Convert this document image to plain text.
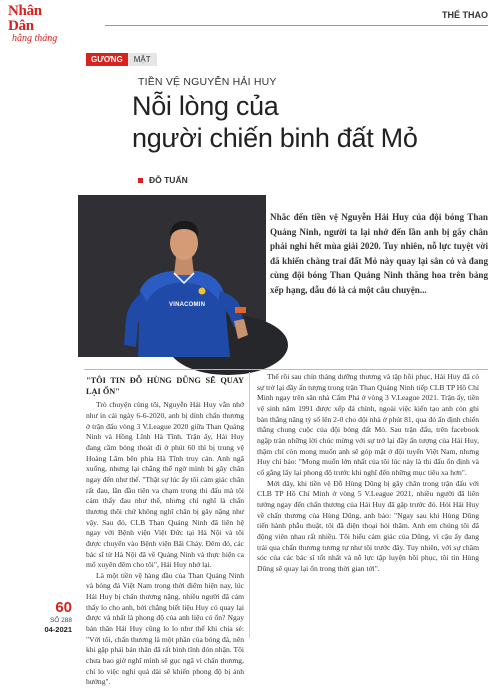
Nhân Dân
hằng tháng
THỂ THAO
GƯƠNG	MẶT
TIỀN VỆ NGUYỄN HẢI HUY
Nỗi lòng của
người chiến binh đất Mỏ
ĐỖ TUẤN
VINACOMIN
Nhắc đến tiền vệ Nguyễn Hải Huy của đội bóng Than Quảng Ninh, người ta lại nhớ đến lần anh bị gãy chân phải nghỉ hết mùa giải 2020. Tuy nhiên, nỗ lực tuyệt vời đã khiến chàng trai đất Mỏ này quay lại sân cỏ và đang cùng đội bóng Than Quảng Ninh thăng hoa trên bảng xếp hạng, dẫu đó là cả một câu chuyện...

"TÔI TIN ĐỖ HÙNG DŨNG SẼ QUAY LẠI ỔN"

Trò chuyện cùng tôi, Nguyễn Hải Huy vẫn nhớ như in cái ngày 6-6-2020, anh bị dính chấn thương ở trận đấu vòng 3 V.League 2020 giữa Than Quảng Ninh và Hồng Lĩnh Hà Tĩnh. Trận ấy, Hải Huy đang cầm bóng thoát đi ở phút 60 thì bị trung vệ Hoàng Lâm bên phía Hà Tĩnh truy cản. Anh ngã xuống, nhưng lại chẳng thể ngờ mình bị gãy chân ngay đến như thế. "Thật sự lúc ấy tôi cảm giác chân rất đau, lần đầu tiên va chạm trong thi đấu mà tôi cảm thấy đau như thế, nhưng chỉ nghĩ là chấn thương thôi chứ không nghĩ chân bị gãy nặng như vậy. Sau đó, CLB Than Quảng Ninh đã liên hệ ngay với Bệnh viện Việt Đức tại Hà Nội và tôi được chuyển vào Bệnh viện Bãi Cháy. Đêm đó, các bác sĩ từ Hà Nội đã về Quảng Ninh và thực hiện ca mổ xuyên đêm cho tôi", Hải Huy nhớ lại.

Là một tiền vệ hàng đầu của Than Quảng Ninh và bóng đá Việt Nam trong thời điểm hiện nay, lúc Hải Huy bị chấn thương nặng, nhiều người đã cảm thấy lo cho anh, bởi chẳng biết liệu Huy có quay lại được và nhất là phong độ của anh liệu có ổn? Ngay bản thân Hải Huy cũng lo lo như thế khi chia sẻ: "Với tôi, chấn thương là một phần của bóng đá, nên khi gặp phải bản thân đã rất bình tĩnh đón nhận. Tôi chưa bao giờ nghĩ mình sẽ gục ngã vì chấn thương, chỉ lo việc nghỉ quá dài sẽ khiến phong độ bị ảnh hưởng".

Thế rồi sau chín tháng dưỡng thương và tập hồi phục, Hải Huy đã có sự trở lại đầy ấn tượng trong trận Than Quảng Ninh tiếp CLB TP Hồ Chí Minh ngay trên sân nhà Cẩm Phả ở vòng 3 V.League 2021. Trận ấy, tiền vệ sinh năm 1991 được xếp đá chính, ngoài việc kiến tạo anh còn ghi bàn thắng nâng tỷ số lên 2-0 cho đội nhà ở phút 81, qua đó ấn định chiến thắng chung cuộc của đội bóng đất Mỏ. Sau trận đấu, trên facebook ngập tràn những lời chúc mừng với sự trở lại đầy ấn tượng của Hải Huy, thậm chí còn mong muốn anh sẽ góp mặt ở đội tuyển Việt Nam, nhưng Huy chỉ bảo: "Mong muốn lớn nhất của tôi lúc này là thi đấu ổn định và cố gắng lấy lại phong độ trước khi nghĩ đến những mục tiêu xa hơn".

Mới đây, khi tiền vệ Đỗ Hùng Dũng bị gãy chân trong trận đấu với CLB TP Hồ Chí Minh ở vòng 5 V.League 2021, nhiều người đã liên tưởng ngay đến chấn thương của Hải Huy đã gặp trước đó. Hỏi Hải Huy về chấn thương của Hùng Dũng, anh bảo: "Ngay sau khi Hùng Dũng tiến hành phẫu thuật, tôi đã điện thoại hỏi thăm. Anh em chúng tôi đã động viên nhau rất nhiều. Tôi hiểu cảm giác của Dũng, vì cậu ấy đang trải qua chấn thương tương tự như tôi trước đây. Tuy nhiên, với sự chăm sóc của các bác sĩ tốt nhất và nỗ lực tập luyện hồi phục, tôi tin Hùng Dũng sẽ quay lại ổn trong thời gian tới".

60
SỐ 288
04-2021
